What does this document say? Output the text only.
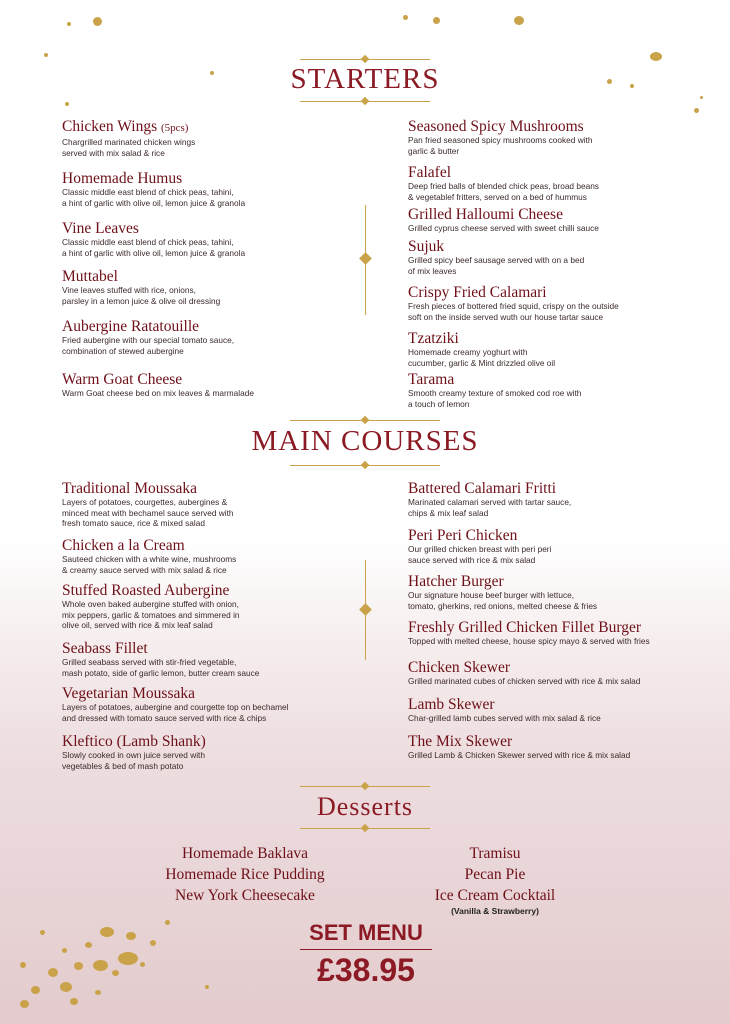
STARTERS
Chicken Wings (5pcs)
Chargrilled marinated chicken wings
served with mix salad & rice
Homemade Humus
Classic middle east blend of chick peas, tahini,
a hint of garlic with olive oil, lemon juice & granola
Vine Leaves
Classic middle east blend of chick peas, tahini,
a hint of garlic with olive oil, lemon juice & granola
Muttabel
Vine leaves stuffed with rice, onions,
parsley in a lemon juice & olive oil dressing
Aubergine Ratatouille
Fried aubergine with our special tomato sauce,
combination of stewed aubergine
Warm Goat Cheese
Warm Goat cheese bed on mix leaves & marmalade
Seasoned Spicy Mushrooms
Pan fried seasoned spicy mushrooms cooked with
garlic & butter
Falafel
Deep fried balls of blended chick peas, broad beans
& vegetablef fritters, served on a bed of hummus
Grilled Halloumi Cheese
Grilled cyprus cheese served with sweet chilli sauce
Sujuk
Grilled spicy beef sausage served with on a bed
of mix leaves
Crispy Fried Calamari
Fresh pieces of bottered fried squid, crispy on the outside
soft on the inside served wuth our house tartar sauce
Tzatziki
Homemade creamy yoghurt with
cucumber, garlic & Mint drizzled olive oil
Tarama
Smooth creamy texture of smoked cod roe with
a touch of lemon
MAIN COURSES
Traditional Moussaka
Layers of potatoes, courgettes, aubergines &
minced meat with bechamel sauce served with
fresh tomato sauce, rice & mixed salad
Chicken a la Cream
Sauteed chicken with a white wine, mushrooms
& creamy sauce served with mix salad & rice
Stuffed Roasted Aubergine
Whole oven baked aubergine stuffed with onion,
mix peppers, garlic & tomatoes and simmered in
olive oil, served with rice & mix leaf salad
Seabass Fillet
Grilled seabass served with stir-fried vegetable,
mash potato, side of garlic lemon, butter cream sauce
Vegetarian Moussaka
Layers of potatoes, aubergine and courgette top on bechamel
and dressed with tomato sauce served with rice & chips
Kleftico (Lamb Shank)
Slowly cooked in own juice served with
vegetables & bed of mash potato
Battered Calamari Fritti
Marinated calamari served with tartar sauce,
chips & mix leaf salad
Peri Peri Chicken
Our grilled chicken breast with peri peri
sauce served with rice & mix salad
Hatcher Burger
Our signature house beef burger with lettuce,
tomato, gherkins, red onions, melted cheese & fries
Freshly Grilled Chicken Fillet Burger
Topped with melted cheese, house spicy mayo & served with fries
Chicken Skewer
Grilled marinated cubes of chicken served with rice & mix salad
Lamb Skewer
Char-grilled lamb cubes served with mix salad & rice
The Mix Skewer
Grilled Lamb & Chicken Skewer served with rice & mix salad
Desserts
Homemade Baklava
Homemade Rice Pudding
New York Cheesecake
Tramisu
Pecan Pie
Ice Cream Cocktail
(Vanilla & Strawberry)
SET MENU
£38.95
